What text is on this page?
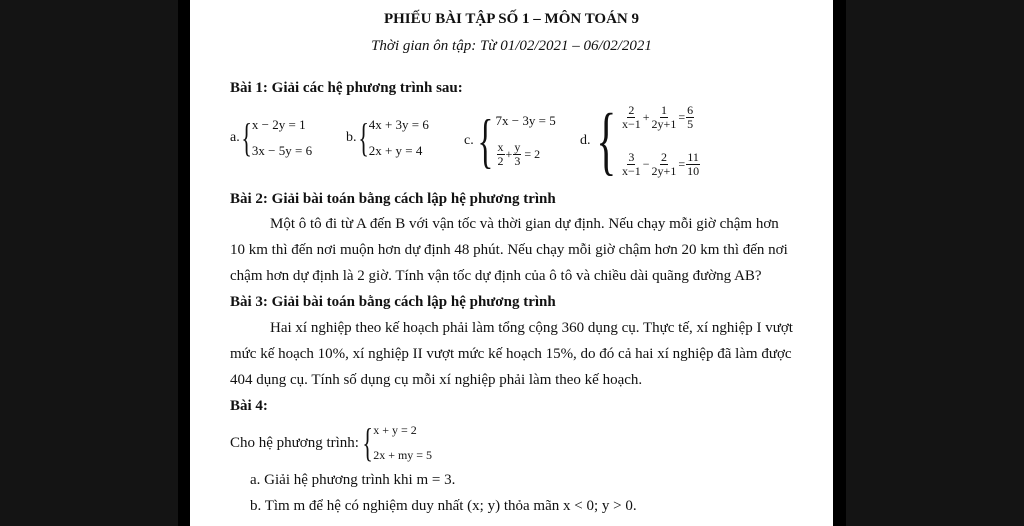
PHIẾU BÀI TẬP SỐ 1 – MÔN TOÁN 9
Thời gian ôn tập: Từ 01/02/2021 – 06/02/2021
Bài 1: Giải các hệ phương trình sau:
a. { x − 2y = 1
3x − 5y = 6
b. { 4x + 3y = 6
2x + y = 4
c. { 7x − 3y = 5
$\frac{x}{2} + \frac{y}{3} = 2$
d. { $\frac{2}{x-1} + \frac{1}{2y+1} = \frac{6}{5}$
$\frac{3}{x-1} - \frac{2}{2y+1} = \frac{11}{10}$
Bài 2: Giải bài toán bằng cách lập hệ phương trình
Một ô tô đi từ A đến B với vận tốc và thời gian dự định. Nếu chạy mỗi giờ chậm hơn
10 km thì đến nơi muộn hơn dự định 48 phút. Nếu chạy mỗi giờ chậm hơn 20 km thì đến nơi
chậm hơn dự định là 2 giờ. Tính vận tốc dự định của ô tô và chiều dài quãng đường AB?
Bài 3: Giải bài toán bằng cách lập hệ phương trình
Hai xí nghiệp theo kế hoạch phải làm tổng cộng 360 dụng cụ. Thực tế, xí nghiệp I vượt
mức kế hoạch 10%, xí nghiệp II vượt mức kế hoạch 15%, do đó cả hai xí nghiệp đã làm được
404 dụng cụ. Tính số dụng cụ mỗi xí nghiệp phải làm theo kế hoạch.
Bài 4:
Cho hệ phương trình: { x + y = 2
2x + my = 5
a. Giải hệ phương trình khi m = 3.
b. Tìm m để hệ có nghiệm duy nhất (x; y) thỏa mãn x < 0; y > 0.
